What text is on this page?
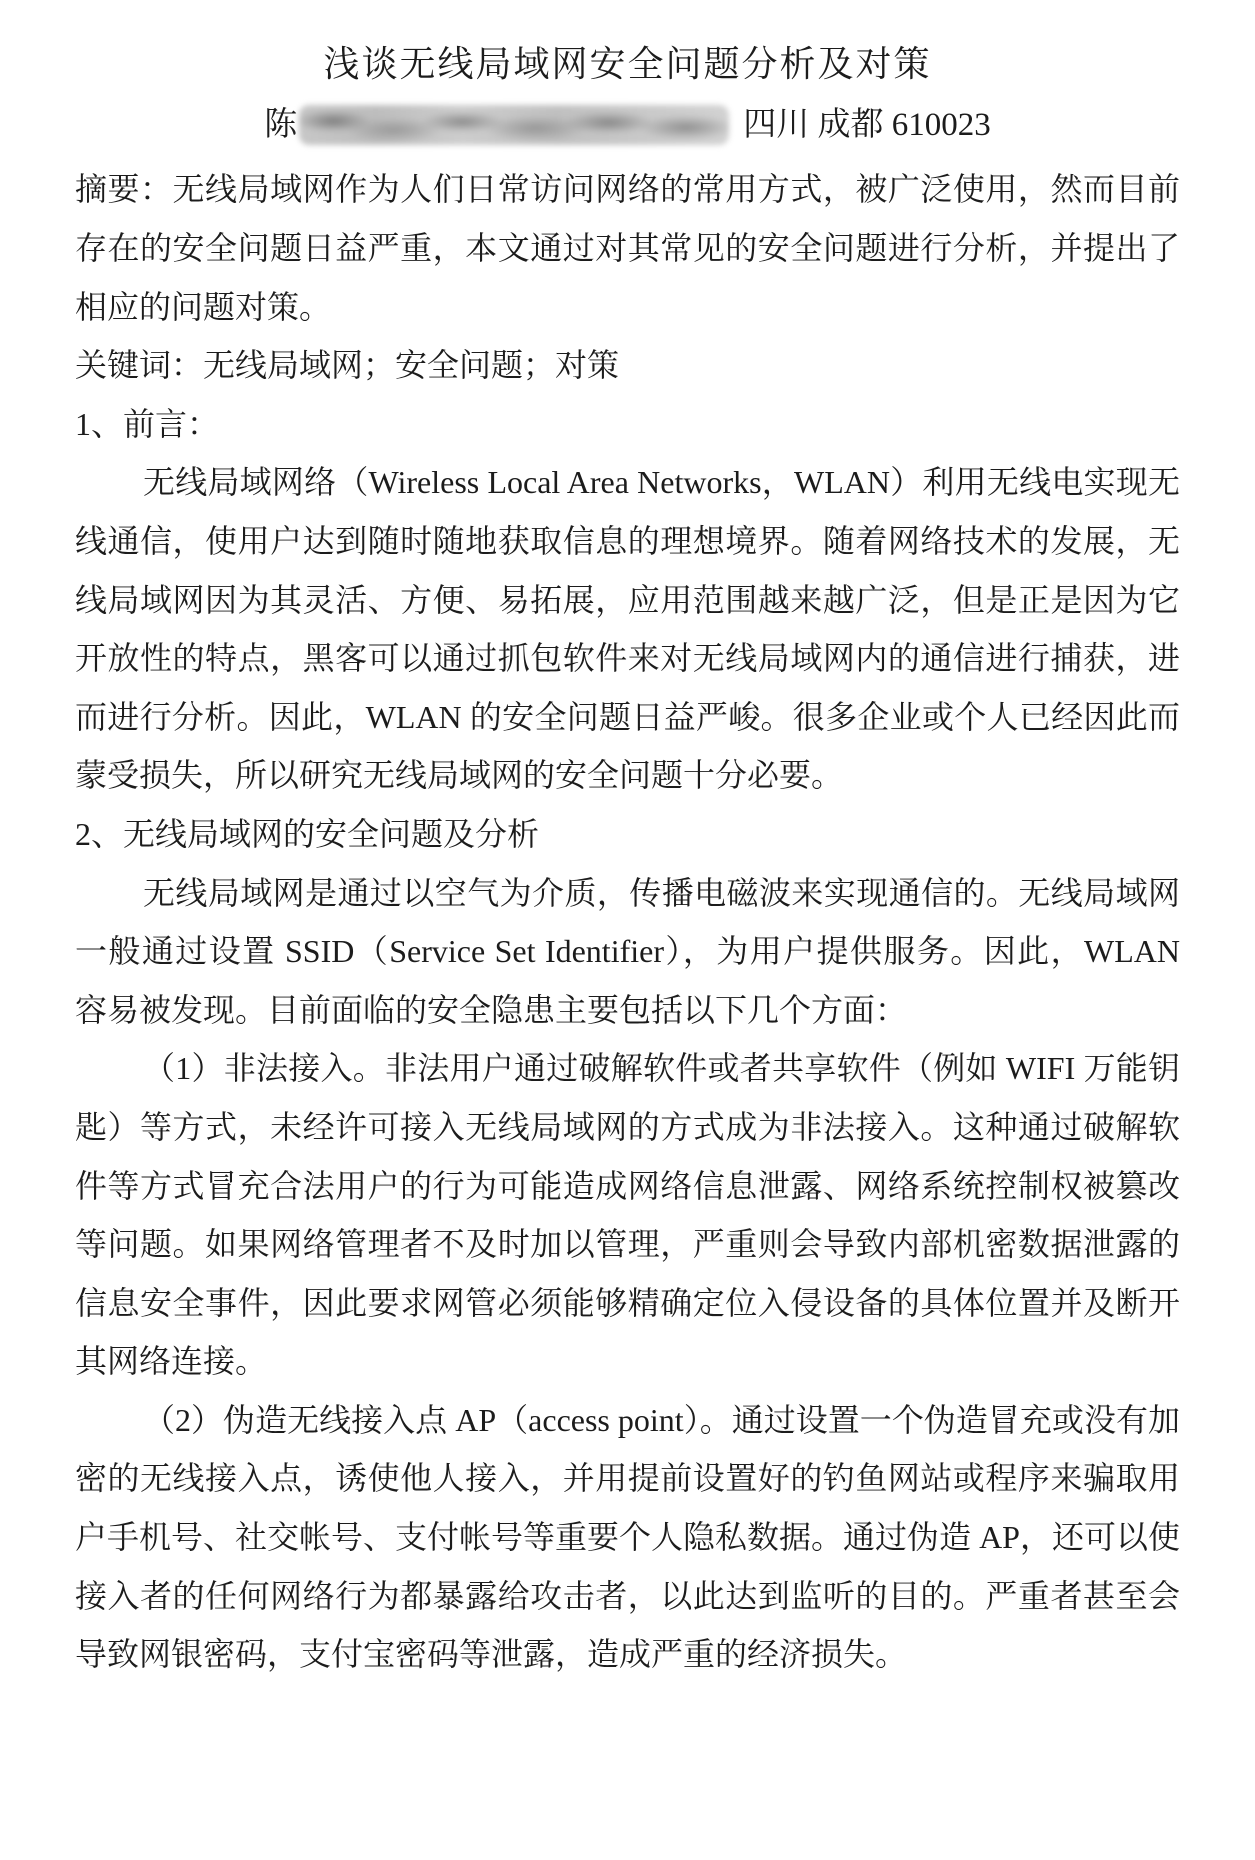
浅谈无线局域网安全问题分析及对策
陈	四川 成都 610023

摘要：无线局域网作为人们日常访问网络的常用方式，被广泛使用，然而目前存在的安全问题日益严重，本文通过对其常见的安全问题进行分析，并提出了相应的问题对策。

关键词：无线局域网；安全问题；对策

1、前言：

无线局域网络（Wireless Local Area Networks，WLAN）利用无线电实现无线通信，使用户达到随时随地获取信息的理想境界。随着网络技术的发展，无线局域网因为其灵活、方便、易拓展，应用范围越来越广泛，但是正是因为它开放性的特点，黑客可以通过抓包软件来对无线局域网内的通信进行捕获，进而进行分析。因此，WLAN 的安全问题日益严峻。很多企业或个人已经因此而蒙受损失，所以研究无线局域网的安全问题十分必要。

2、无线局域网的安全问题及分析

无线局域网是通过以空气为介质，传播电磁波来实现通信的。无线局域网一般通过设置 SSID（Service Set Identifier），为用户提供服务。因此，WLAN 容易被发现。目前面临的安全隐患主要包括以下几个方面：

（1）非法接入。非法用户通过破解软件或者共享软件（例如 WIFI 万能钥匙）等方式，未经许可接入无线局域网的方式成为非法接入。这种通过破解软件等方式冒充合法用户的行为可能造成网络信息泄露、网络系统控制权被篡改等问题。如果网络管理者不及时加以管理，严重则会导致内部机密数据泄露的信息安全事件，因此要求网管必须能够精确定位入侵设备的具体位置并及断开其网络连接。

（2）伪造无线接入点 AP（access point）。通过设置一个伪造冒充或没有加密的无线接入点，诱使他人接入，并用提前设置好的钓鱼网站或程序来骗取用户手机号、社交帐号、支付帐号等重要个人隐私数据。通过伪造 AP，还可以使接入者的任何网络行为都暴露给攻击者，以此达到监听的目的。严重者甚至会导致网银密码，支付宝密码等泄露，造成严重的经济损失。
